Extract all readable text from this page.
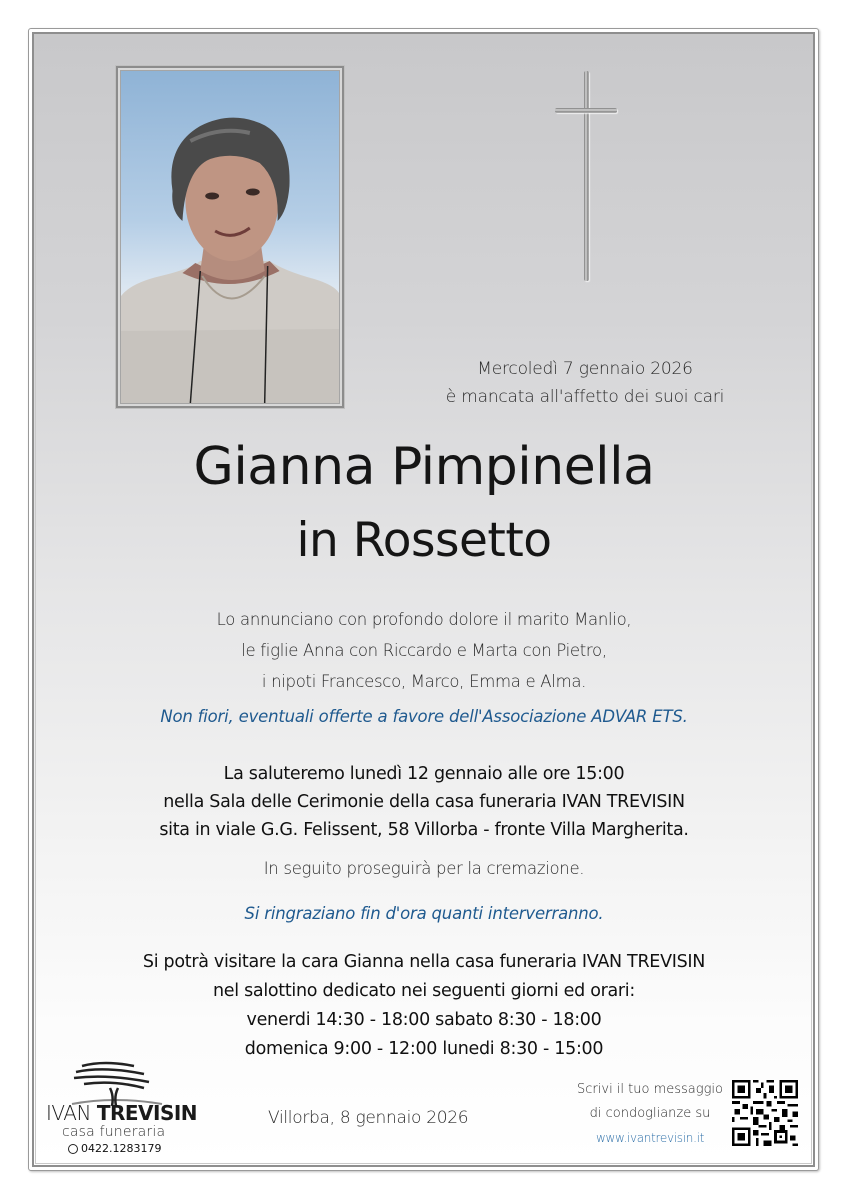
Mercoledì 7 gennaio 2026
è mancata all'affetto dei suoi cari
Gianna Pimpinella
in Rossetto
Lo annunciano con profondo dolore il marito Manlio,
le figlie Anna con Riccardo e Marta con Pietro,
i nipoti Francesco, Marco, Emma e Alma.
Non fiori, eventuali offerte a favore dell'Associazione ADVAR ETS.
La saluteremo lunedì 12 gennaio alle ore 15:00
nella Sala delle Cerimonie della casa funeraria IVAN TREVISIN
sita in viale G.G. Felissent, 58 Villorba - fronte Villa Margherita.
In seguito proseguirà per la cremazione.
Si ringraziano fin d'ora quanti interverranno.
Si potrà visitare la cara Gianna nella casa funeraria IVAN TREVISIN
nel salottino dedicato nei seguenti giorni ed orari:
venerdi 14:30 - 18:00 sabato 8:30 - 18:00
domenica 9:00 - 12:00 lunedi 8:30 - 15:00
IVAN TREVISIN
casa funeraria
0422.1283179
Villorba, 8 gennaio 2026
Scrivi il tuo messaggio
di condoglianze su
www.ivantrevisin.it
